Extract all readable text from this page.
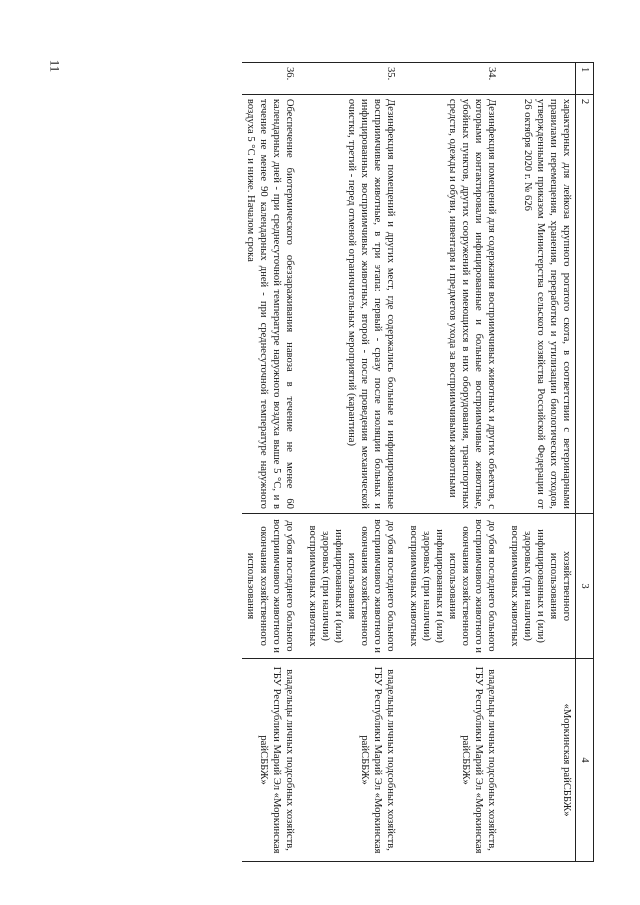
11	1	2	3	4
	характерных для лейкоза крупного рогатого скота, в соответствии с ветеринарными правилами перемещения, хранения, переработки и утилизации биологических отходов, утвержденными приказом Министерства сельского хозяйства Российской Федерации от 26 октября 2020 г. № 626	хозяйственного использования инфицированных и (или) здоровых (при наличии) восприимчивых животных	«Моркинская райСББЖ»
34.	Дезинфекция помещений для содержания восприимчивых животных и других объектов, с которыми контактировали инфицированные и больные восприимчивые животные, убойных пунктов, других сооружений и имеющихся в них оборудования, транспортных средств, одежды и обуви, инвентаря и предметов ухода за восприимчивыми животными	до убоя последнего больного восприимчивого животного и окончания хозяйственного использования инфицированных и (или) здоровых (при наличии) восприимчивых животных	владельцы личных подсобных хозяйств, ГБУ Республики Марий Эл «Моркинская райСББЖ»
35.	Дезинфекция помещений и других мест, где содержались больные и инфицированные восприимчивые животные, в три этапа: первый - сразу после изоляции больных и инфицированных восприимчивых животных, второй - после проведения механической очистки, третий - перед отменой ограничительных мероприятий (карантина)	до убоя последнего больного восприимчивого животного и окончания хозяйственного использования инфицированных и (или) здоровых (при наличии) восприимчивых животных	владельцы личных подсобных хозяйств, ГБУ Республики Марий Эл «Моркинская райСББЖ»
36.	Обеспечение биотермического обеззараживания навоза в течение не менее 60 календарных дней - при среднесуточной температуре наружного воздуха выше 5 °С, и в течение не менее 90 календарных дней - при среднесуточной температуре наружного воздуха 5 °С и ниже. Началом срока	до убоя последнего больного восприимчивого животного и окончания хозяйственного использования	владельцы личных подсобных хозяйств, ГБУ Республики Марий Эл «Моркинская райСББЖ»
